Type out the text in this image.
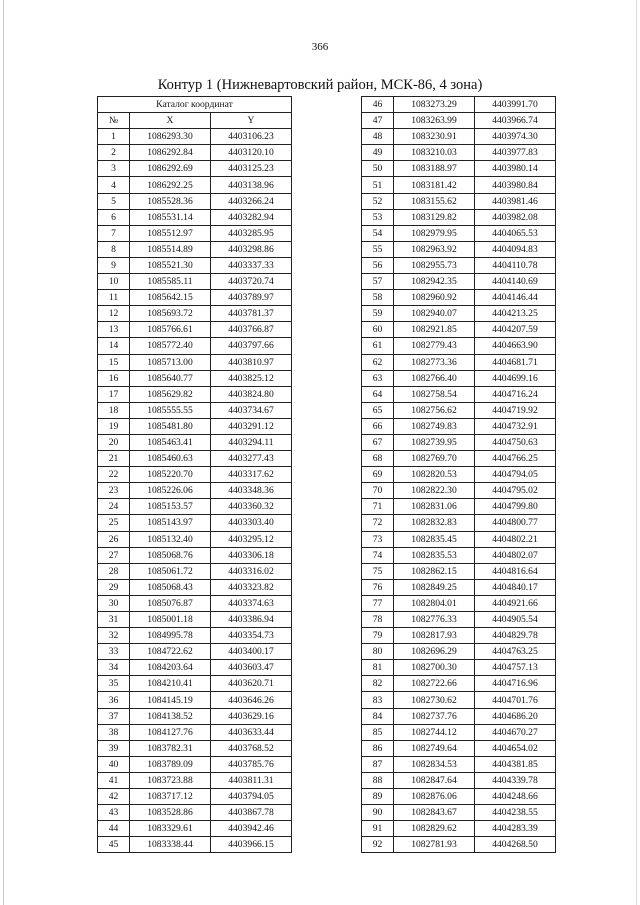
366
Контур 1 (Нижневартовский район, МСК-86, 4 зона)
Каталог координат		
№	X	Y
1	1086293.30	4403106.23
2	1086292.84	4403120.10
3	1086292.69	4403125.23
4	1086292.25	4403138.96
5	1085528.36	4403266.24
6	1085531.14	4403282.94
7	1085512.97	4403285.95
8	1085514.89	4403298.86
9	1085521.30	4403337.33
10	1085585.11	4403720.74
11	1085642.15	4403789.97
12	1085693.72	4403781.37
13	1085766.61	4403766.87
14	1085772.40	4403797.66
15	1085713.00	4403810.97
16	1085640.77	4403825.12
17	1085629.82	4403824.80
18	1085555.55	4403734.67
19	1085481.80	4403291.12
20	1085463.41	4403294.11
21	1085460.63	4403277.43
22	1085220.70	4403317.62
23	1085226.06	4403348.36
24	1085153.57	4403360.32
25	1085143.97	4403303.40
26	1085132.40	4403295.12
27	1085068.76	4403306.18
28	1085061.72	4403316.02
29	1085068.43	4403323.82
30	1085076.87	4403374.63
31	1085001.18	4403386.94
32	1084995.78	4403354.73
33	1084722.62	4403400.17
34	1084203.64	4403603.47
35	1084210.41	4403620.71
36	1084145.19	4403646.26
37	1084138.52	4403629.16
38	1084127.76	4403633.44
39	1083782.31	4403768.52
40	1083789.09	4403785.76
41	1083723.88	4403811.31
42	1083717.12	4403794.05
43	1083528.86	4403867.78
44	1083329.61	4403942.46
45	1083338.44	4403966.15
46	1083273.29	4403991.70
47	1083263.99	4403966.74
48	1083230.91	4403974.30
49	1083210.03	4403977.83
50	1083188.97	4403980.14
51	1083181.42	4403980.84
52	1083155.62	4403981.46
53	1083129.82	4403982.08
54	1082979.95	4404065.53
55	1082963.92	4404094.83
56	1082955.73	4404110.78
57	1082942.35	4404140.69
58	1082960.92	4404146.44
59	1082940.07	4404213.25
60	1082921.85	4404207.59
61	1082779.43	4404663.90
62	1082773.36	4404681.71
63	1082766.40	4404699.16
64	1082758.54	4404716.24
65	1082756.62	4404719.92
66	1082749.83	4404732.91
67	1082739.95	4404750.63
68	1082769.70	4404766.25
69	1082820.53	4404794.05
70	1082822.30	4404795.02
71	1082831.06	4404799.80
72	1082832.83	4404800.77
73	1082835.45	4404802.21
74	1082835.53	4404802.07
75	1082862.15	4404816.64
76	1082849.25	4404840.17
77	1082804.01	4404921.66
78	1082776.33	4404905.54
79	1082817.93	4404829.78
80	1082696.29	4404763.25
81	1082700.30	4404757.13
82	1082722.66	4404716.96
83	1082730.62	4404701.76
84	1082737.76	4404686.20
85	1082744.12	4404670.27
86	1082749.64	4404654.02
87	1082834.53	4404381.85
88	1082847.64	4404339.78
89	1082876.06	4404248.66
90	1082843.67	4404238.55
91	1082829.62	4404283.39
92	1082781.93	4404268.50
